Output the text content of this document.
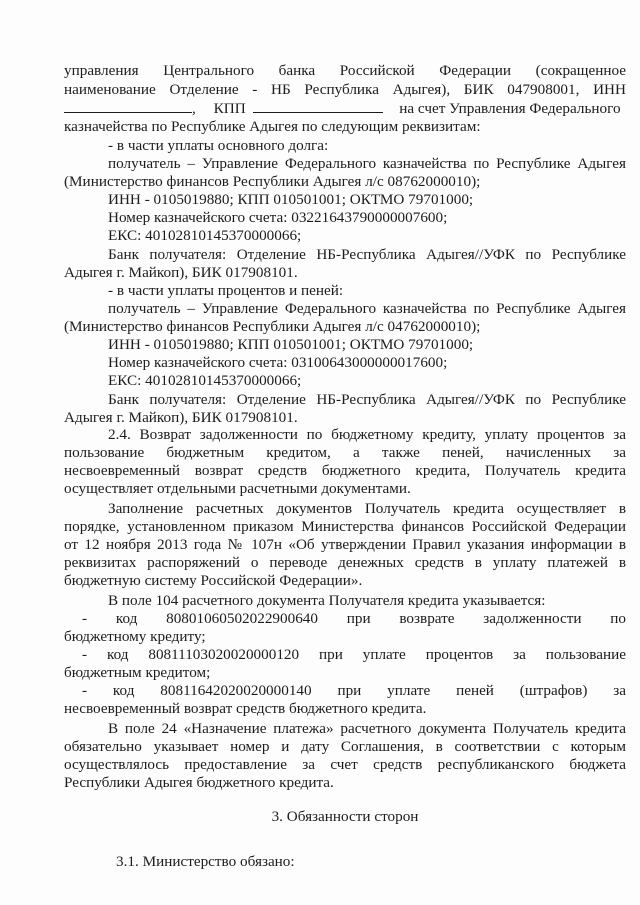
управления Центрального банка Российской Федерации (сокращенное
наименование Отделение - НБ Республика Адыгея), БИК 047908001, ИНН
, КПП	на счет Управления Федерального
казначейства по Республике Адыгея по следующим реквизитам:
- в части уплаты основного долга:
получатель – Управление Федерального казначейства по Республике Адыгея
(Министерство финансов Республики Адыгея л/с 08762000010);
ИНН - 0105019880; КПП 010501001; ОКТМО 79701000;
Номер казначейского счета: 03221643790000007600;
ЕКС: 40102810145370000066;
Банк получателя: Отделение НБ-Республика Адыгея//УФК по Республике
Адыгея г. Майкоп), БИК 017908101.
- в части уплаты процентов и пеней:
получатель – Управление Федерального казначейства по Республике Адыгея
(Министерство финансов Республики Адыгея л/с 04762000010);
ИНН - 0105019880; КПП 010501001; ОКТМО 79701000;
Номер казначейского счета: 03100643000000017600;
ЕКС: 40102810145370000066;
Банк получателя: Отделение НБ-Республика Адыгея//УФК по Республике
Адыгея г. Майкоп), БИК 017908101.
2.4. Возврат задолженности по бюджетному кредиту, уплату процентов за
пользование бюджетным кредитом, а также пеней, начисленных за
несвоевременный возврат средств бюджетного кредита, Получатель кредита
осуществляет отдельными расчетными документами.
Заполнение расчетных документов Получатель кредита осуществляет в
порядке, установленном приказом Министерства финансов Российской Федерации
от 12 ноября 2013 года № 107н «Об утверждении Правил указания информации в
реквизитах распоряжений о переводе денежных средств в уплату платежей в
бюджетную систему Российской Федерации».
В поле 104 расчетного документа Получателя кредита указывается:
- код 80801060502022900640 при возврате задолженности по
бюджетному кредиту;
- код 80811103020020000120 при уплате процентов за пользование
бюджетным кредитом;
- код 80811642020020000140 при уплате пеней (штрафов) за
несвоевременный возврат средств бюджетного кредита.
В поле 24 «Назначение платежа» расчетного документа Получатель кредита
обязательно указывает номер и дату Соглашения, в соответствии с которым
осуществлялось предоставление за счет средств республиканского бюджета
Республики Адыгея бюджетного кредита.
3. Обязанности сторон
3.1. Министерство обязано:
